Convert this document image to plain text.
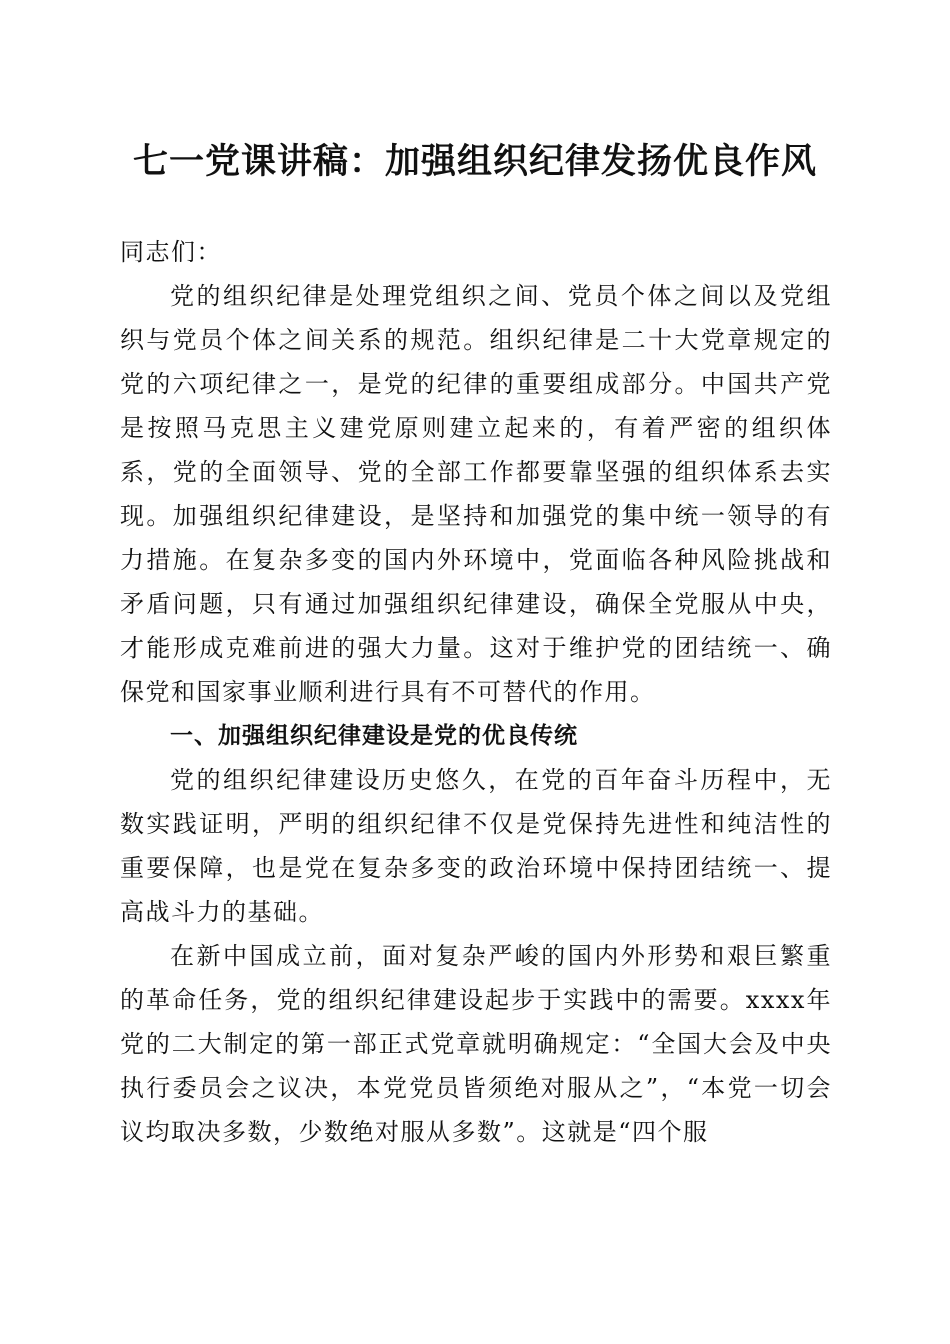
七一党课讲稿：加强组织纪律发扬优良作风

同志们：

党的组织纪律是处理党组织之间、党员个体之间以及党组织与党员个体之间关系的规范。组织纪律是二十大党章规定的党的六项纪律之一，是党的纪律的重要组成部分。中国共产党是按照马克思主义建党原则建立起来的，有着严密的组织体系，党的全面领导、党的全部工作都要靠坚强的组织体系去实现。加强组织纪律建设，是坚持和加强党的集中统一领导的有力措施。在复杂多变的国内外环境中，党面临各种风险挑战和矛盾问题，只有通过加强组织纪律建设，确保全党服从中央，才能形成克难前进的强大力量。这对于维护党的团结统一、确保党和国家事业顺利进行具有不可替代的作用。

一、加强组织纪律建设是党的优良传统

党的组织纪律建设历史悠久，在党的百年奋斗历程中，无数实践证明，严明的组织纪律不仅是党保持先进性和纯洁性的重要保障，也是党在复杂多变的政治环境中保持团结统一、提高战斗力的基础。

在新中国成立前，面对复杂严峻的国内外形势和艰巨繁重的革命任务，党的组织纪律建设起步于实践中的需要。xxxx年党的二大制定的第一部正式党章就明确规定：“全国大会及中央执行委员会之议决，本党党员皆须绝对服从之”，“本党一切会议均取决多数，少数绝对服从多数”。这就是“四个服
